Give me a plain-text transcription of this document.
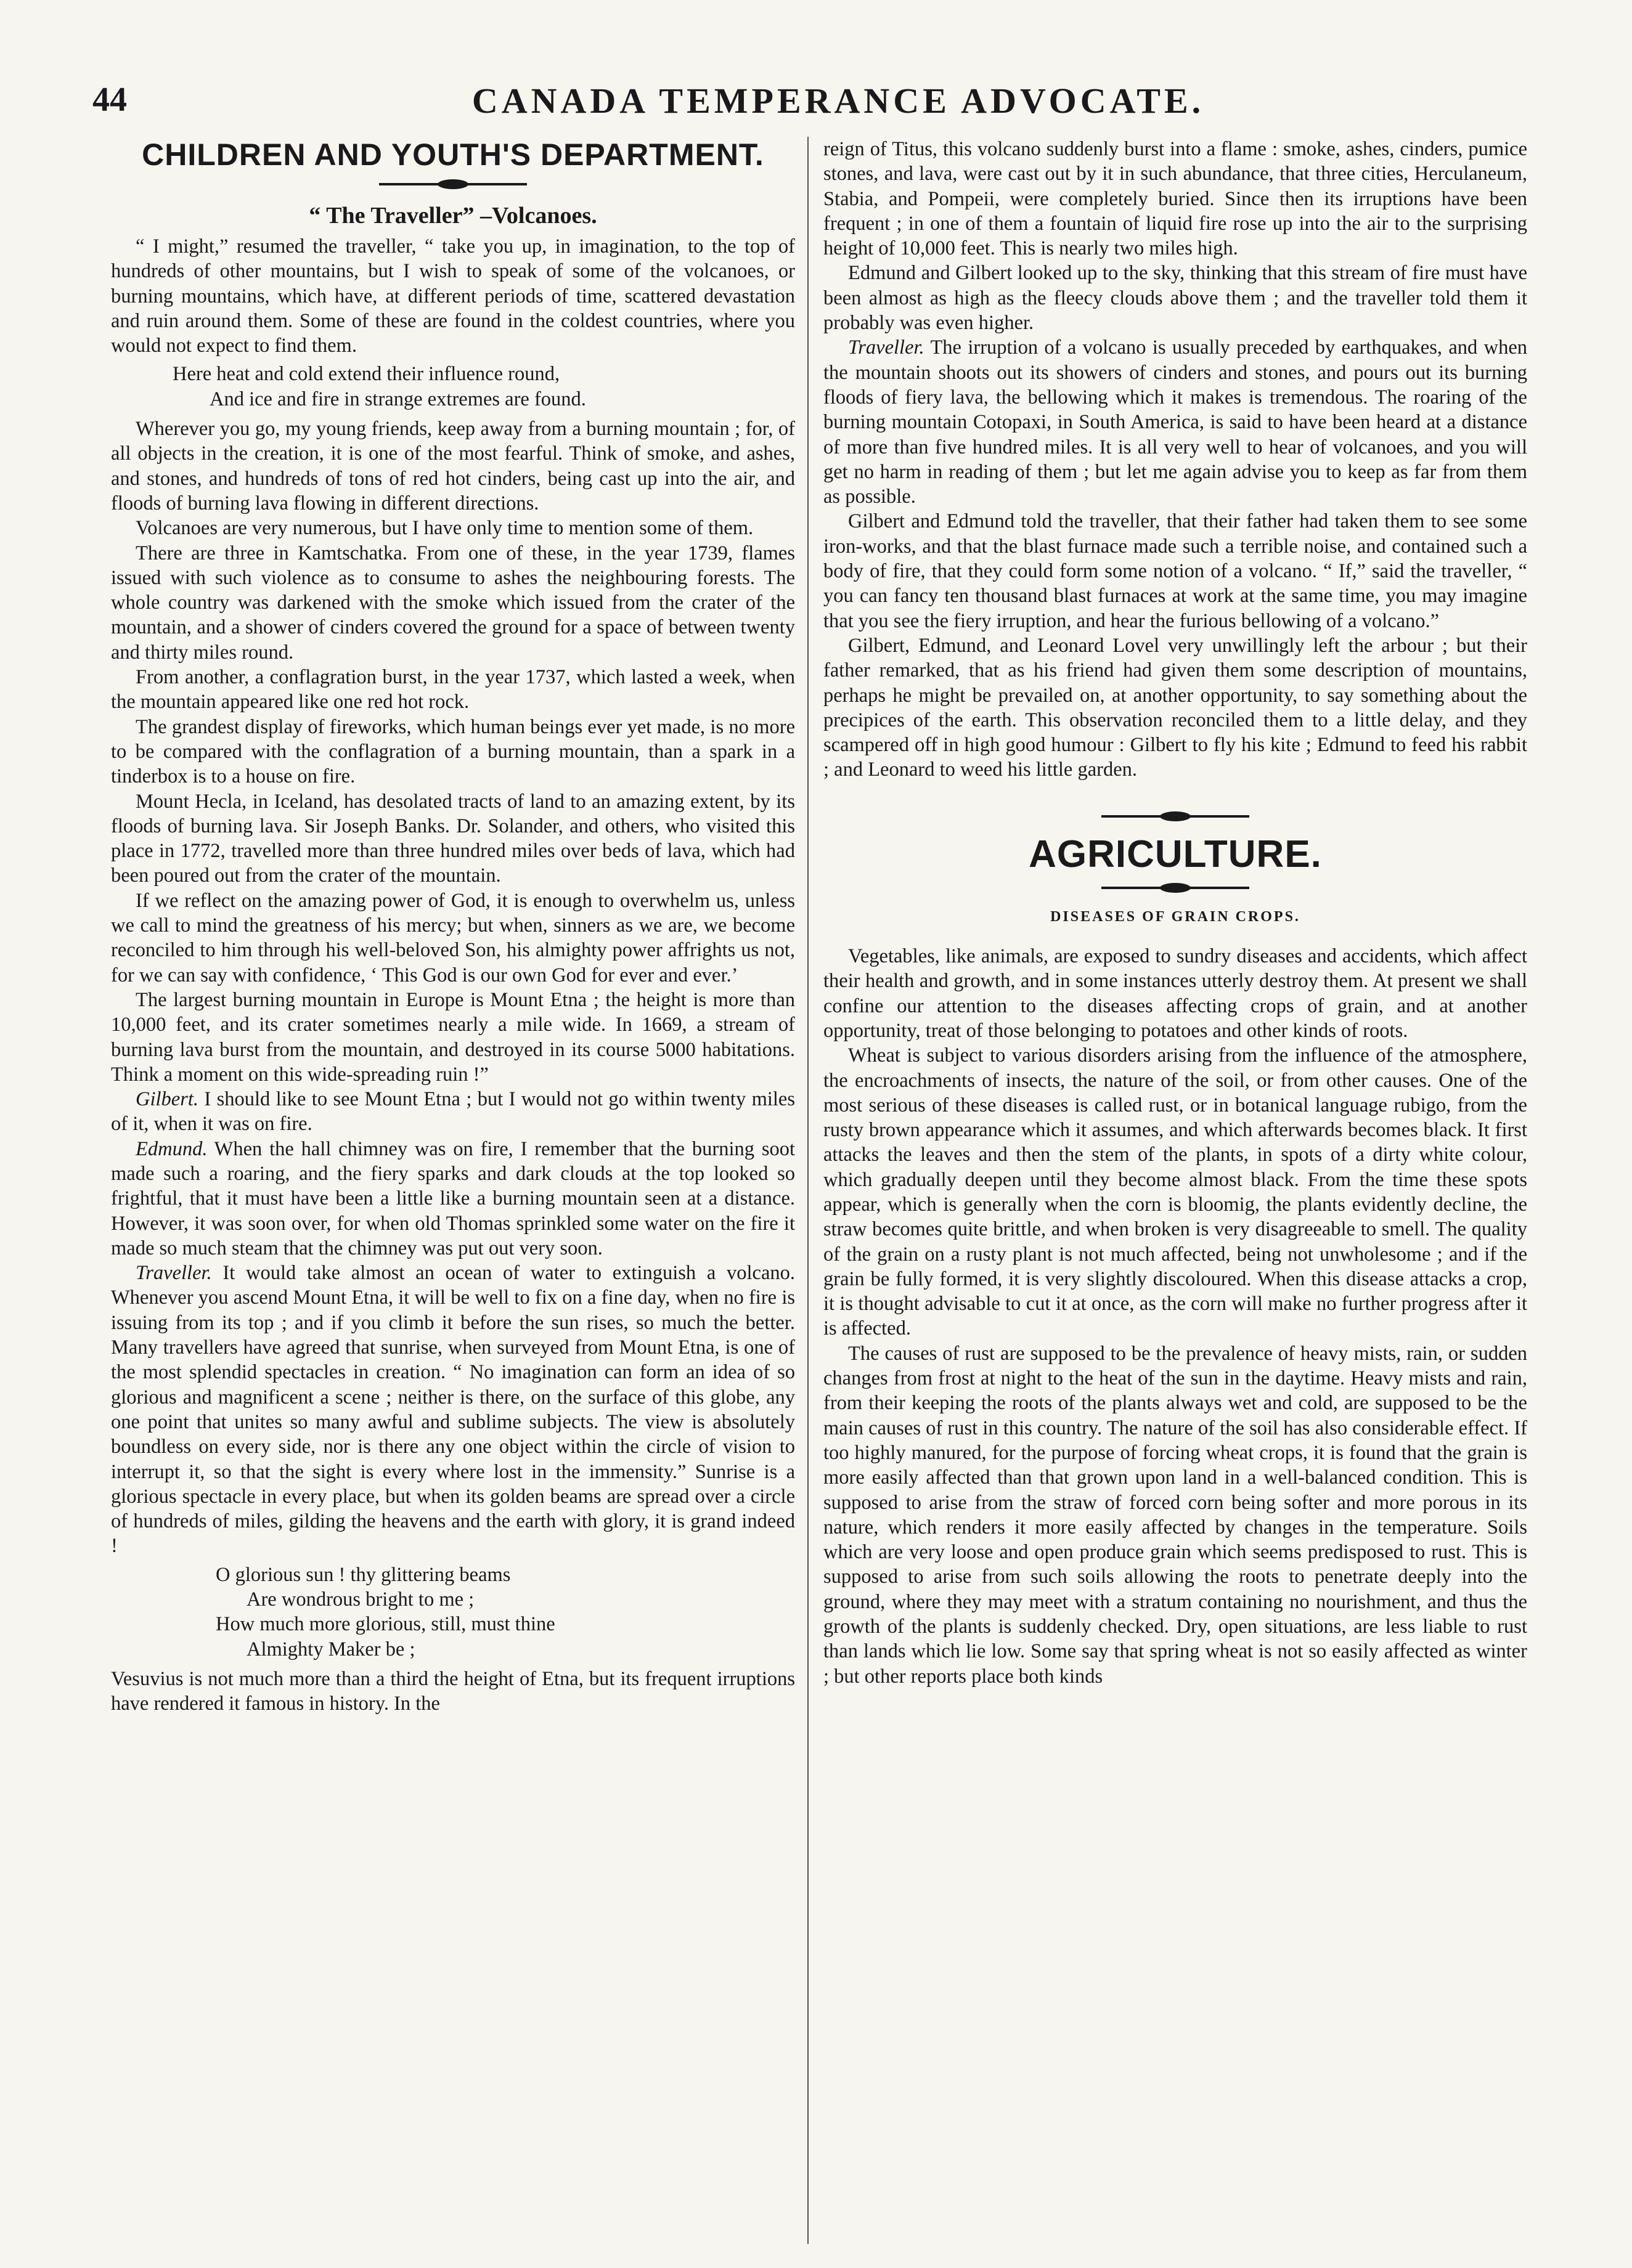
44	CANADA TEMPERANCE ADVOCATE.
CHILDREN AND YOUTH'S DEPARTMENT.
“ The Traveller” –Volcanoes.

“ I might,” resumed the traveller, “ take you up, in imagination, to the top of hundreds of other mountains, but I wish to speak of some of the volcanoes, or burning mountains, which have, at different periods of time, scattered devastation and ruin around them. Some of these are found in the coldest countries, where you would not expect to find them.

Here heat and cold extend their influence round,
And ice and fire in strange extremes are found.

Wherever you go, my young friends, keep away from a burning mountain ; for, of all objects in the creation, it is one of the most fearful. Think of smoke, and ashes, and stones, and hundreds of tons of red hot cinders, being cast up into the air, and floods of burning lava flowing in different directions.

Volcanoes are very numerous, but I have only time to mention some of them.

There are three in Kamtschatka. From one of these, in the year 1739, flames issued with such violence as to consume to ashes the neighbouring forests. The whole country was darkened with the smoke which issued from the crater of the mountain, and a shower of cinders covered the ground for a space of between twenty and thirty miles round.

From another, a conflagration burst, in the year 1737, which lasted a week, when the mountain appeared like one red hot rock.

The grandest display of fireworks, which human beings ever yet made, is no more to be compared with the conflagration of a burning mountain, than a spark in a tinderbox is to a house on fire.

Mount Hecla, in Iceland, has desolated tracts of land to an amazing extent, by its floods of burning lava. Sir Joseph Banks. Dr. Solander, and others, who visited this place in 1772, travelled more than three hundred miles over beds of lava, which had been poured out from the crater of the mountain.

If we reflect on the amazing power of God, it is enough to overwhelm us, unless we call to mind the greatness of his mercy; but when, sinners as we are, we become reconciled to him through his well-beloved Son, his almighty power affrights us not, for we can say with confidence, ‘ This God is our own God for ever and ever.’

The largest burning mountain in Europe is Mount Etna ; the height is more than 10,000 feet, and its crater sometimes nearly a mile wide. In 1669, a stream of burning lava burst from the mountain, and destroyed in its course 5000 habitations. Think a moment on this wide-spreading ruin !”

Gilbert. I should like to see Mount Etna ; but I would not go within twenty miles of it, when it was on fire.

Edmund. When the hall chimney was on fire, I remember that the burning soot made such a roaring, and the fiery sparks and dark clouds at the top looked so frightful, that it must have been a little like a burning mountain seen at a distance. However, it was soon over, for when old Thomas sprinkled some water on the fire it made so much steam that the chimney was put out very soon.

Traveller. It would take almost an ocean of water to extinguish a volcano. Whenever you ascend Mount Etna, it will be well to fix on a fine day, when no fire is issuing from its top ; and if you climb it before the sun rises, so much the better. Many travellers have agreed that sunrise, when surveyed from Mount Etna, is one of the most splendid spectacles in creation. “ No imagination can form an idea of so glorious and magnificent a scene ; neither is there, on the surface of this globe, any one point that unites so many awful and sublime subjects. The view is absolutely boundless on every side, nor is there any one object within the circle of vision to interrupt it, so that the sight is every where lost in the immensity.” Sunrise is a glorious spectacle in every place, but when its golden beams are spread over a circle of hundreds of miles, gilding the heavens and the earth with glory, it is grand indeed !

O glorious sun ! thy glittering beams
Are wondrous bright to me ;
How much more glorious, still, must thine
Almighty Maker be ;

Vesuvius is not much more than a third the height of Etna, but its frequent irruptions have rendered it famous in history. In the

reign of Titus, this volcano suddenly burst into a flame : smoke, ashes, cinders, pumice stones, and lava, were cast out by it in such abundance, that three cities, Herculaneum, Stabia, and Pompeii, were completely buried. Since then its irruptions have been frequent ; in one of them a fountain of liquid fire rose up into the air to the surprising height of 10,000 feet. This is nearly two miles high.

Edmund and Gilbert looked up to the sky, thinking that this stream of fire must have been almost as high as the fleecy clouds above them ; and the traveller told them it probably was even higher.

Traveller. The irruption of a volcano is usually preceded by earthquakes, and when the mountain shoots out its showers of cinders and stones, and pours out its burning floods of fiery lava, the bellowing which it makes is tremendous. The roaring of the burning mountain Cotopaxi, in South America, is said to have been heard at a distance of more than five hundred miles. It is all very well to hear of volcanoes, and you will get no harm in reading of them ; but let me again advise you to keep as far from them as possible.

Gilbert and Edmund told the traveller, that their father had taken them to see some iron-works, and that the blast furnace made such a terrible noise, and contained such a body of fire, that they could form some notion of a volcano. “ If,” said the traveller, “ you can fancy ten thousand blast furnaces at work at the same time, you may imagine that you see the fiery irruption, and hear the furious bellowing of a volcano.”

Gilbert, Edmund, and Leonard Lovel very unwillingly left the arbour ; but their father remarked, that as his friend had given them some description of mountains, perhaps he might be prevailed on, at another opportunity, to say something about the precipices of the earth. This observation reconciled them to a little delay, and they scampered off in high good humour : Gilbert to fly his kite ; Edmund to feed his rabbit ; and Leonard to weed his little garden.

AGRICULTURE.
DISEASES OF GRAIN CROPS.

Vegetables, like animals, are exposed to sundry diseases and accidents, which affect their health and growth, and in some instances utterly destroy them. At present we shall confine our attention to the diseases affecting crops of grain, and at another opportunity, treat of those belonging to potatoes and other kinds of roots.

Wheat is subject to various disorders arising from the influence of the atmosphere, the encroachments of insects, the nature of the soil, or from other causes. One of the most serious of these diseases is called rust, or in botanical language rubigo, from the rusty brown appearance which it assumes, and which afterwards becomes black. It first attacks the leaves and then the stem of the plants, in spots of a dirty white colour, which gradually deepen until they become almost black. From the time these spots appear, which is generally when the corn is bloomig, the plants evidently decline, the straw becomes quite brittle, and when broken is very disagreeable to smell. The quality of the grain on a rusty plant is not much affected, being not unwholesome ; and if the grain be fully formed, it is very slightly discoloured. When this disease attacks a crop, it is thought advisable to cut it at once, as the corn will make no further progress after it is affected.

The causes of rust are supposed to be the prevalence of heavy mists, rain, or sudden changes from frost at night to the heat of the sun in the daytime. Heavy mists and rain, from their keeping the roots of the plants always wet and cold, are supposed to be the main causes of rust in this country. The nature of the soil has also considerable effect. If too highly manured, for the purpose of forcing wheat crops, it is found that the grain is more easily affected than that grown upon land in a well-balanced condition. This is supposed to arise from the straw of forced corn being softer and more porous in its nature, which renders it more easily affected by changes in the temperature. Soils which are very loose and open produce grain which seems predisposed to rust. This is supposed to arise from such soils allowing the roots to penetrate deeply into the ground, where they may meet with a stratum containing no nourishment, and thus the growth of the plants is suddenly checked. Dry, open situations, are less liable to rust than lands which lie low. Some say that spring wheat is not so easily affected as winter ; but other reports place both kinds
